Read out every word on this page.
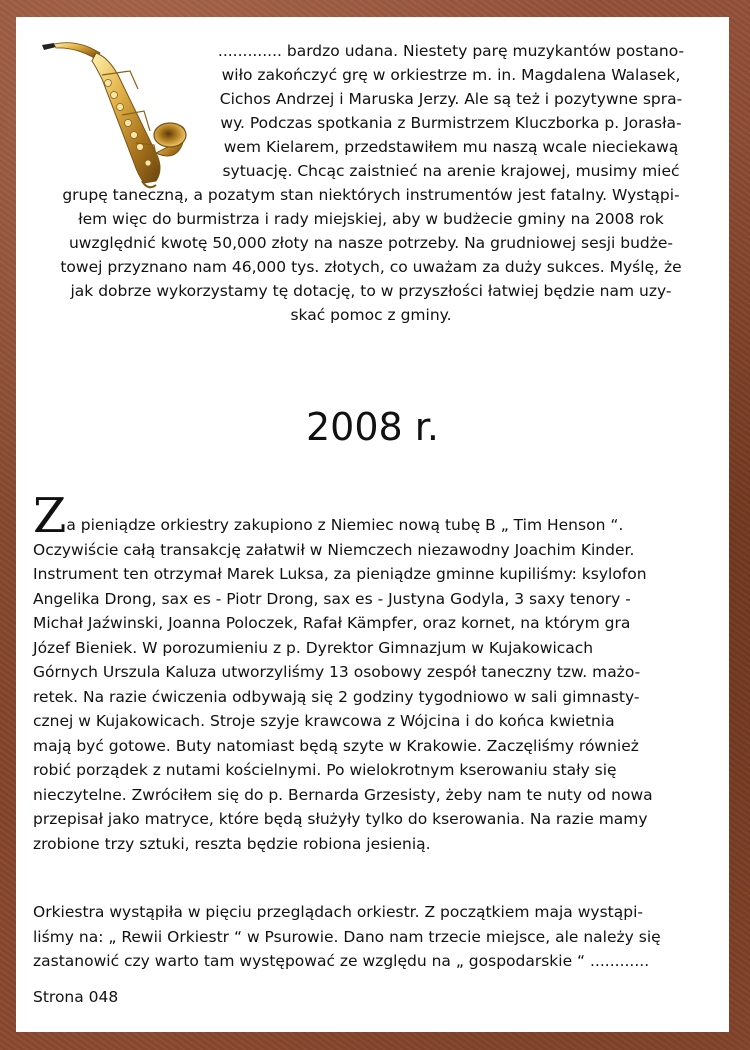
............. bardzo udana. Niestety parę muzykantów postano-
wiło zakończyć grę w orkiestrze m. in. Magdalena Walasek,
Cichos Andrzej i Maruska Jerzy. Ale są też i pozytywne spra-
wy. Podczas spotkania z Burmistrzem Kluczborka p. Jorasła-
wem Kielarem, przedstawiłem mu naszą wcale nieciekawą
sytuację. Chcąc zaistnieć na arenie krajowej, musimy mieć
grupę taneczną, a pozatym stan niektórych instrumentów jest fatalny. Wystąpi-
łem więc do burmistrza i rady miejskiej, aby w budżecie gminy na 2008 rok
uwzględnić kwotę 50,000 złoty na nasze potrzeby. Na grudniowej sesji budże-
towej przyznano nam 46,000 tys. złotych, co uważam za duży sukces. Myślę, że
jak dobrze wykorzystamy tę dotację, to w przyszłości łatwiej będzie nam uzy-
skać pomoc z gminy.

2008 r.

Za pieniądze orkiestry zakupiono z Niemiec nową tubę B „ Tim Henson “.
Oczywiście całą transakcję załatwił w Niemczech niezawodny Joachim Kinder.
Instrument ten otrzymał Marek Luksa, za pieniądze gminne kupiliśmy: ksylofon
Angelika Drong, sax es - Piotr Drong, sax es - Justyna Godyla, 3 saxy tenory -
Michał Jaźwinski, Joanna Poloczek, Rafał Kämpfer, oraz kornet, na którym gra
Józef Bieniek. W porozumieniu z p. Dyrektor Gimnazjum w Kujakowicach
Górnych Urszula Kaluza utworzyliśmy 13 osobowy zespół taneczny tzw. mażo-
retek. Na razie ćwiczenia odbywają się 2 godziny tygodniowo w sali gimnasty-
cznej w Kujakowicach. Stroje szyje krawcowa z Wójcina i do końca kwietnia
mają być gotowe. Buty natomiast będą szyte w Krakowie. Zaczęliśmy również
robić porządek z nutami kościelnymi. Po wielokrotnym kserowaniu stały się
nieczytelne. Zwróciłem się do p. Bernarda Grzesisty, żeby nam te nuty od nowa
przepisał jako matryce, które będą służyły tylko do kserowania. Na razie mamy
zrobione trzy sztuki, reszta będzie robiona jesienią.

Orkiestra wystąpiła w pięciu przeglądach orkiestr. Z początkiem maja wystąpi-
liśmy na: „ Rewii Orkiestr “ w Psurowie. Dano nam trzecie miejsce, ale należy się
zastanowić czy warto tam występować ze względu na „ gospodarskie “ ............

Strona 048
